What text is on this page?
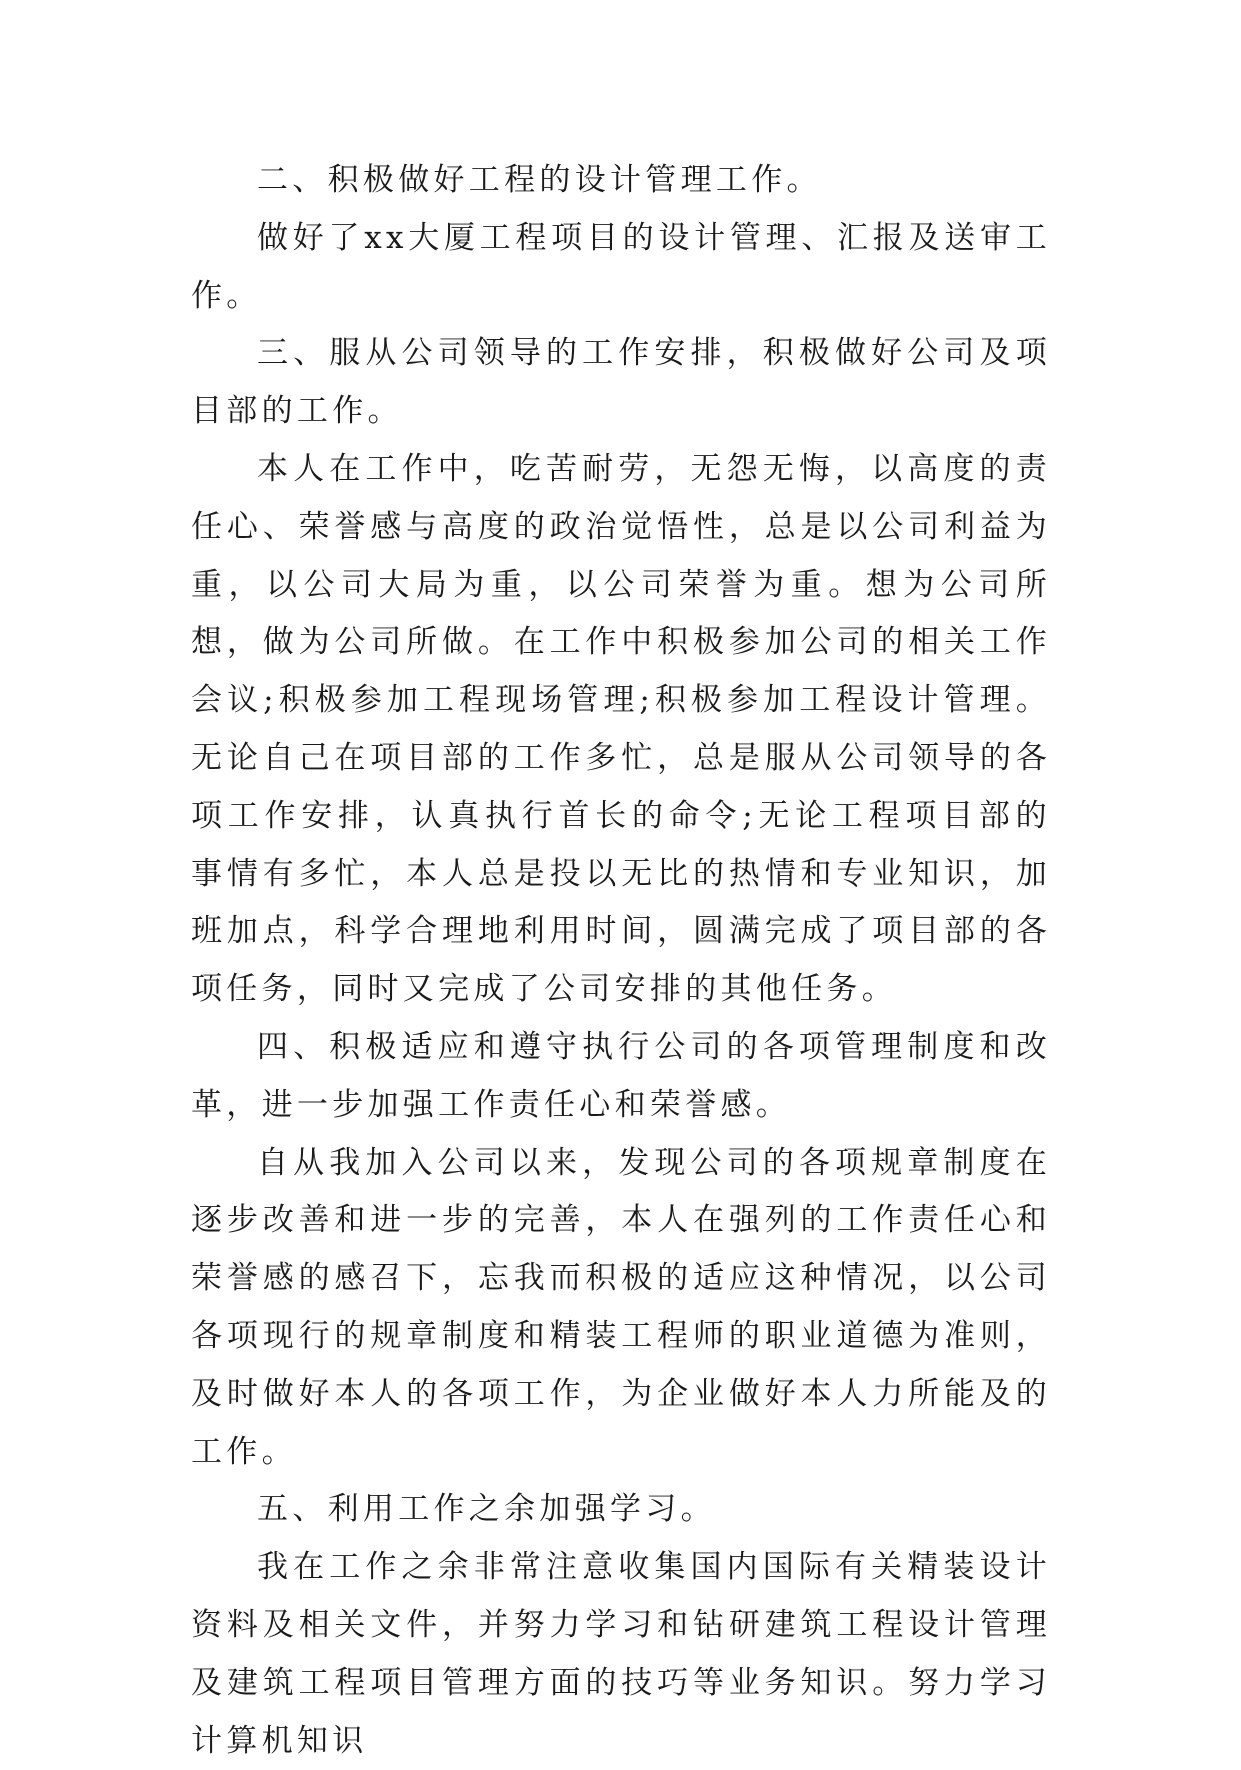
二、积极做好工程的设计管理工作。

做好了xx大厦工程项目的设计管理、汇报及送审工作。

三、服从公司领导的工作安排，积极做好公司及项目部的工作。

本人在工作中，吃苦耐劳，无怨无悔，以高度的责任心、荣誉感与高度的政治觉悟性，总是以公司利益为重，以公司大局为重，以公司荣誉为重。想为公司所想，做为公司所做。在工作中积极参加公司的相关工作会议;积极参加工程现场管理;积极参加工程设计管理。无论自己在项目部的工作多忙，总是服从公司领导的各项工作安排，认真执行首长的命令;无论工程项目部的事情有多忙，本人总是投以无比的热情和专业知识，加班加点，科学合理地利用时间，圆满完成了项目部的各项任务，同时又完成了公司安排的其他任务。

四、积极适应和遵守执行公司的各项管理制度和改革，进一步加强工作责任心和荣誉感。

自从我加入公司以来，发现公司的各项规章制度在逐步改善和进一步的完善，本人在强列的工作责任心和荣誉感的感召下，忘我而积极的适应这种情况，以公司各项现行的规章制度和精装工程师的职业道德为准则，及时做好本人的各项工作，为企业做好本人力所能及的工作。

五、利用工作之余加强学习。

我在工作之余非常注意收集国内国际有关精装设计资料及相关文件，并努力学习和钻研建筑工程设计管理及建筑工程项目管理方面的技巧等业务知识。努力学习计算机知识
